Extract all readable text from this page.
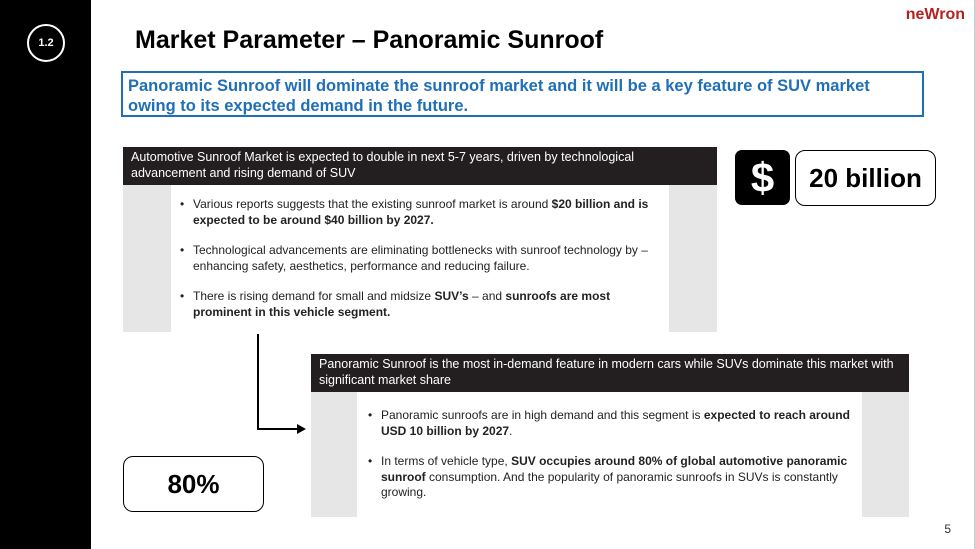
1.2
neWron
Market Parameter – Panoramic Sunroof
Panoramic Sunroof will dominate the sunroof market and it will be a key feature of SUV market owing to its expected demand in the future.
Automotive Sunroof Market is expected to double in next 5-7 years, driven by technological advancement and rising demand of SUV
• Various reports suggests that the existing sunroof market is around $20 billion and is expected to be around $40 billion by 2027.
• Technological advancements are eliminating bottlenecks with sunroof technology by – enhancing safety, aesthetics, performance and reducing failure.
• There is rising demand for small and midsize SUV’s – and sunroofs are most prominent in this vehicle segment.
$	20 billion
Panoramic Sunroof is the most in-demand feature in modern cars while SUVs dominate this market with significant market share
• Panoramic sunroofs are in high demand and this segment is expected to reach around USD 10 billion by 2027.
• In terms of vehicle type, SUV occupies around 80% of global automotive panoramic sunroof consumption. And the popularity of panoramic sunroofs in SUVs is constantly growing.
80%
5
